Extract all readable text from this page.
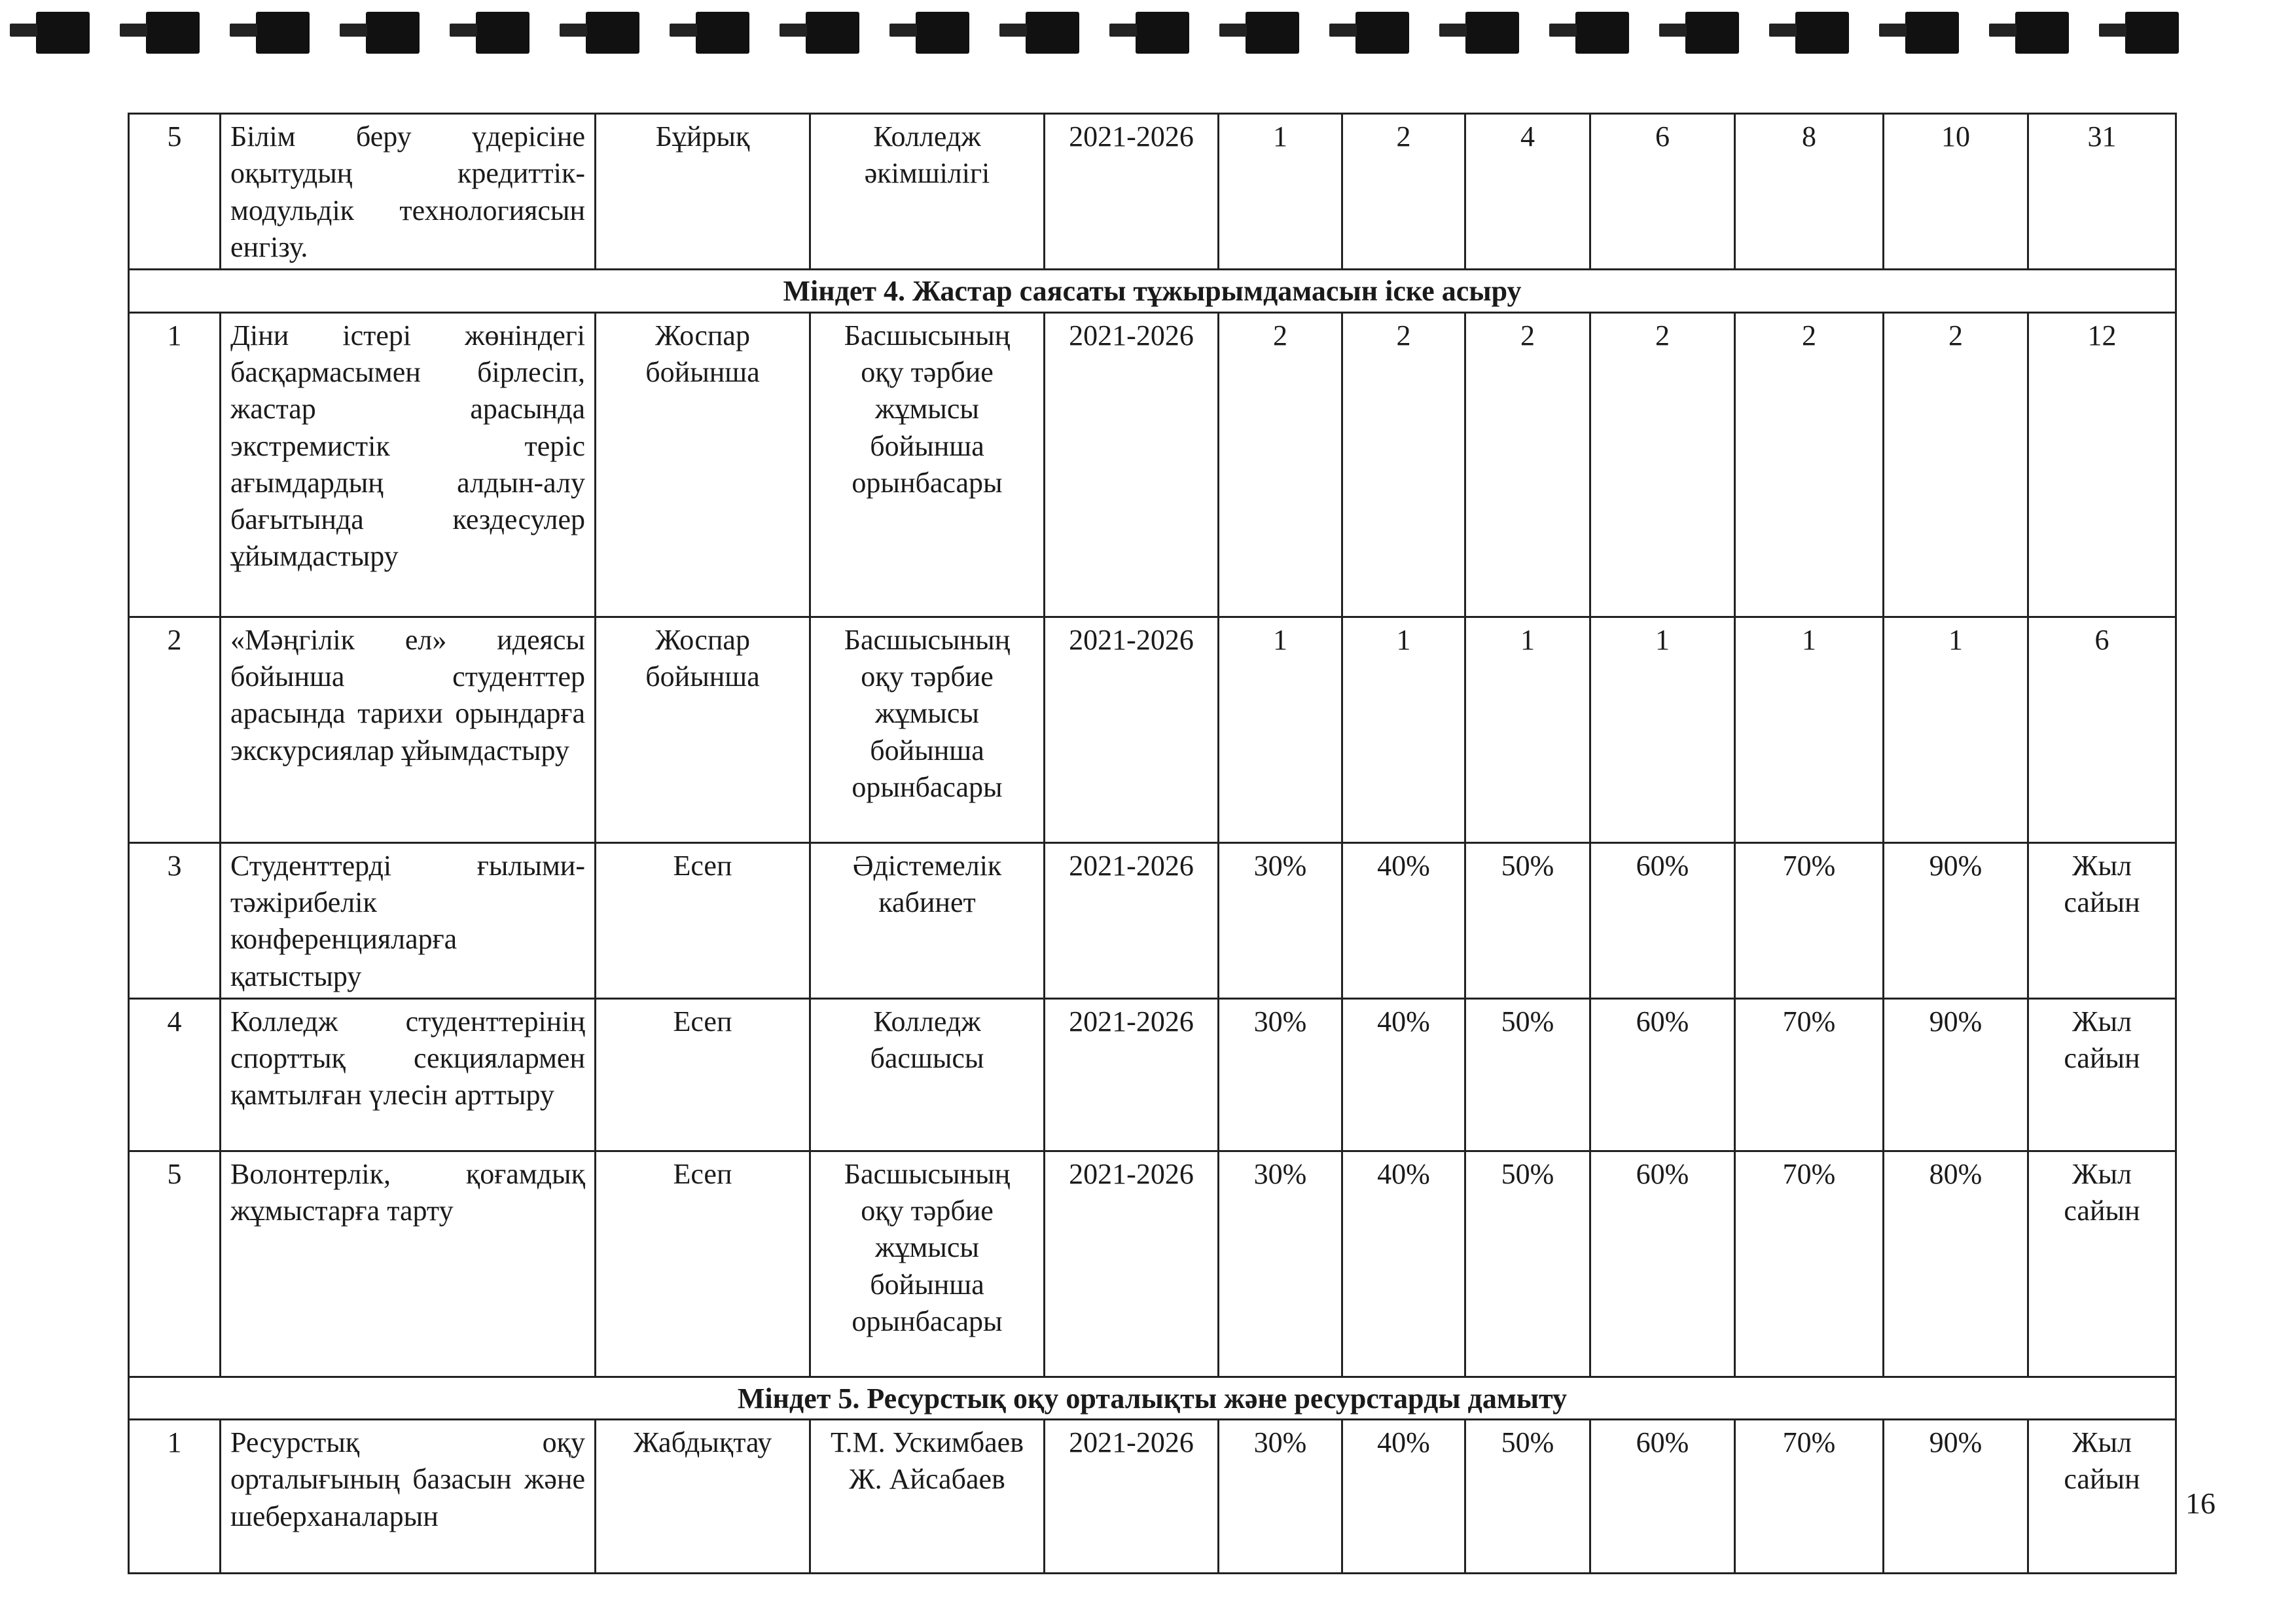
5	Білім беру үдерісіне оқытудың кредиттік-модульдік технологиясын енгізу.	Бұйрық	Колледж әкімшілігі	2021-2026	1	2	4	6	8	10	31
Міндет 4. Жастар саясаты тұжырымдамасын іске асыру											
1	Діни істері жөніндегі басқармасымен бірлесіп, жастар арасында экстремистік теріс ағымдардың алдын-алу бағытында кездесулер ұйымдастыру	Жоспар бойынша	Басшысының оқу тәрбие жұмысы бойынша орынбасары	2021-2026	2	2	2	2	2	2	12
2	«Мәңгілік ел» идеясы бойынша студенттер арасында тарихи орындарға экскурсиялар ұйымдастыру	Жоспар бойынша	Басшысының оқу тәрбие жұмысы бойынша орынбасары	2021-2026	1	1	1	1	1	1	6
3	Студенттерді ғылыми-тәжірибелік конференцияларға қатыстыру	Есеп	Әдістемелік кабинет	2021-2026	30%	40%	50%	60%	70%	90%	Жыл сайын
4	Колледж студенттерінің спорттық секциялармен қамтылған үлесін арттыру	Есеп	Колледж басшысы	2021-2026	30%	40%	50%	60%	70%	90%	Жыл сайын
5	Волонтерлік, қоғамдық жұмыстарға тарту	Есеп	Басшысының оқу тәрбие жұмысы бойынша орынбасары	2021-2026	30%	40%	50%	60%	70%	80%	Жыл сайын
Міндет 5. Ресурстық оқу орталықты және ресурстарды дамыту											
1	Ресурстық оқу орталығының базасын және шеберханаларын	Жабдықтау	Т.М. Ускимбаев Ж. Айсабаев	2021-2026	30%	40%	50%	60%	70%	90%	Жыл сайын
16
